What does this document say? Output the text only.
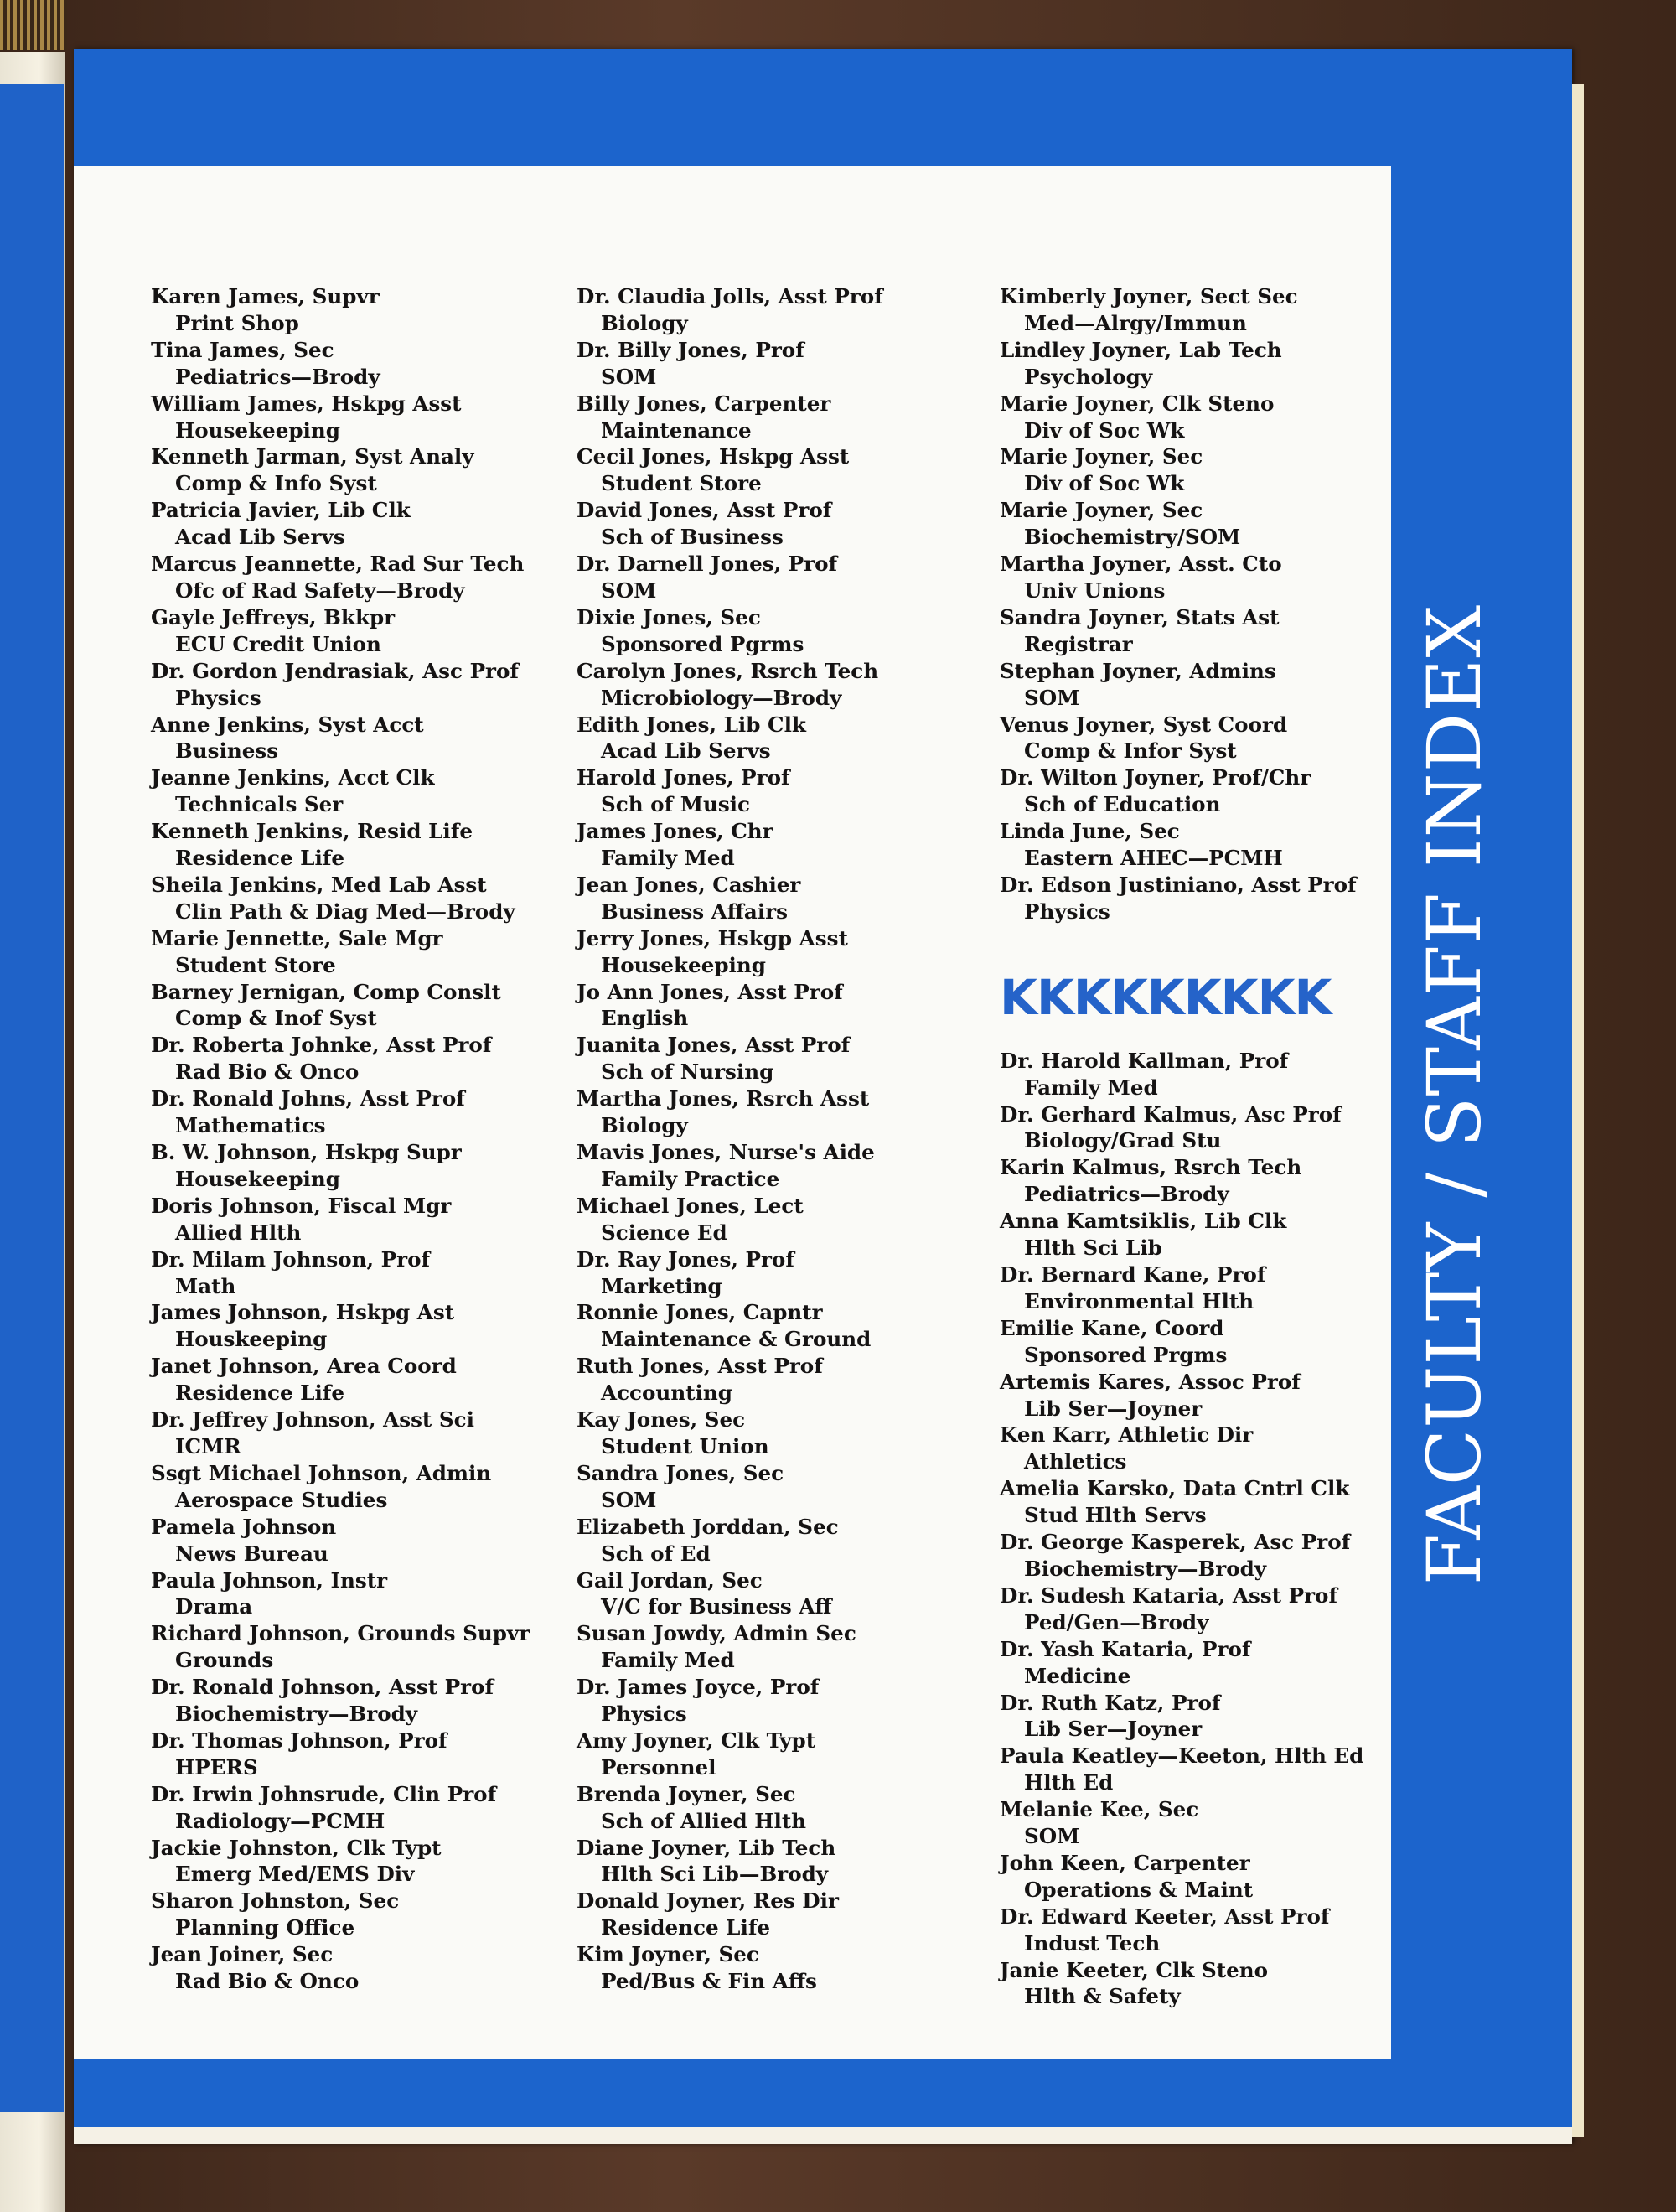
Karen James, Supvr
Print Shop
Tina James, Sec
Pediatrics—Brody
William James, Hskpg Asst
Housekeeping
Kenneth Jarman, Syst Analy
Comp & Info Syst
Patricia Javier, Lib Clk
Acad Lib Servs
Marcus Jeannette, Rad Sur Tech
Ofc of Rad Safety—Brody
Gayle Jeffreys, Bkkpr
ECU Credit Union
Dr. Gordon Jendrasiak, Asc Prof
Physics
Anne Jenkins, Syst Acct
Business
Jeanne Jenkins, Acct Clk
Technicals Ser
Kenneth Jenkins, Resid Life
Residence Life
Sheila Jenkins, Med Lab Asst
Clin Path & Diag Med—Brody
Marie Jennette, Sale Mgr
Student Store
Barney Jernigan, Comp Conslt
Comp & Inof Syst
Dr. Roberta Johnke, Asst Prof
Rad Bio & Onco
Dr. Ronald Johns, Asst Prof
Mathematics
B. W. Johnson, Hskpg Supr
Housekeeping
Doris Johnson, Fiscal Mgr
Allied Hlth
Dr. Milam Johnson, Prof
Math
James Johnson, Hskpg Ast
Houskeeping
Janet Johnson, Area Coord
Residence Life
Dr. Jeffrey Johnson, Asst Sci
ICMR
Ssgt Michael Johnson, Admin
Aerospace Studies
Pamela Johnson
News Bureau
Paula Johnson, Instr
Drama
Richard Johnson, Grounds Supvr
Grounds
Dr. Ronald Johnson, Asst Prof
Biochemistry—Brody
Dr. Thomas Johnson, Prof
HPERS
Dr. Irwin Johnsrude, Clin Prof
Radiology—PCMH
Jackie Johnston, Clk Typt
Emerg Med/EMS Div
Sharon Johnston, Sec
Planning Office
Jean Joiner, Sec
Rad Bio & Onco
Dr. Claudia Jolls, Asst Prof
Biology
Dr. Billy Jones, Prof
SOM
Billy Jones, Carpenter
Maintenance
Cecil Jones, Hskpg Asst
Student Store
David Jones, Asst Prof
Sch of Business
Dr. Darnell Jones, Prof
SOM
Dixie Jones, Sec
Sponsored Pgrms
Carolyn Jones, Rsrch Tech
Microbiology—Brody
Edith Jones, Lib Clk
Acad Lib Servs
Harold Jones, Prof
Sch of Music
James Jones, Chr
Family Med
Jean Jones, Cashier
Business Affairs
Jerry Jones, Hskgp Asst
Housekeeping
Jo Ann Jones, Asst Prof
English
Juanita Jones, Asst Prof
Sch of Nursing
Martha Jones, Rsrch Asst
Biology
Mavis Jones, Nurse's Aide
Family Practice
Michael Jones, Lect
Science Ed
Dr. Ray Jones, Prof
Marketing
Ronnie Jones, Capntr
Maintenance & Ground
Ruth Jones, Asst Prof
Accounting
Kay Jones, Sec
Student Union
Sandra Jones, Sec
SOM
Elizabeth Jorddan, Sec
Sch of Ed
Gail Jordan, Sec
V/C for Business Aff
Susan Jowdy, Admin Sec
Family Med
Dr. James Joyce, Prof
Physics
Amy Joyner, Clk Typt
Personnel
Brenda Joyner, Sec
Sch of Allied Hlth
Diane Joyner, Lib Tech
Hlth Sci Lib—Brody
Donald Joyner, Res Dir
Residence Life
Kim Joyner, Sec
Ped/Bus & Fin Affs
Kimberly Joyner, Sect Sec
Med—Alrgy/Immun
Lindley Joyner, Lab Tech
Psychology
Marie Joyner, Clk Steno
Div of Soc Wk
Marie Joyner, Sec
Div of Soc Wk
Marie Joyner, Sec
Biochemistry/SOM
Martha Joyner, Asst. Cto
Univ Unions
Sandra Joyner, Stats Ast
Registrar
Stephan Joyner, Admins
SOM
Venus Joyner, Syst Coord
Comp & Infor Syst
Dr. Wilton Joyner, Prof/Chr
Sch of Education
Linda June, Sec
Eastern AHEC—PCMH
Dr. Edson Justiniano, Asst Prof
Physics
KKKKKKKKK
Dr. Harold Kallman, Prof
Family Med
Dr. Gerhard Kalmus, Asc Prof
Biology/Grad Stu
Karin Kalmus, Rsrch Tech
Pediatrics—Brody
Anna Kamtsiklis, Lib Clk
Hlth Sci Lib
Dr. Bernard Kane, Prof
Environmental Hlth
Emilie Kane, Coord
Sponsored Prgms
Artemis Kares, Assoc Prof
Lib Ser—Joyner
Ken Karr, Athletic Dir
Athletics
Amelia Karsko, Data Cntrl Clk
Stud Hlth Servs
Dr. George Kasperek, Asc Prof
Biochemistry—Brody
Dr. Sudesh Kataria, Asst Prof
Ped/Gen—Brody
Dr. Yash Kataria, Prof
Medicine
Dr. Ruth Katz, Prof
Lib Ser—Joyner
Paula Keatley—Keeton, Hlth Ed
Hlth Ed
Melanie Kee, Sec
SOM
John Keen, Carpenter
Operations & Maint
Dr. Edward Keeter, Asst Prof
Indust Tech
Janie Keeter, Clk Steno
Hlth & Safety
FACULTY / STAFF INDEX
